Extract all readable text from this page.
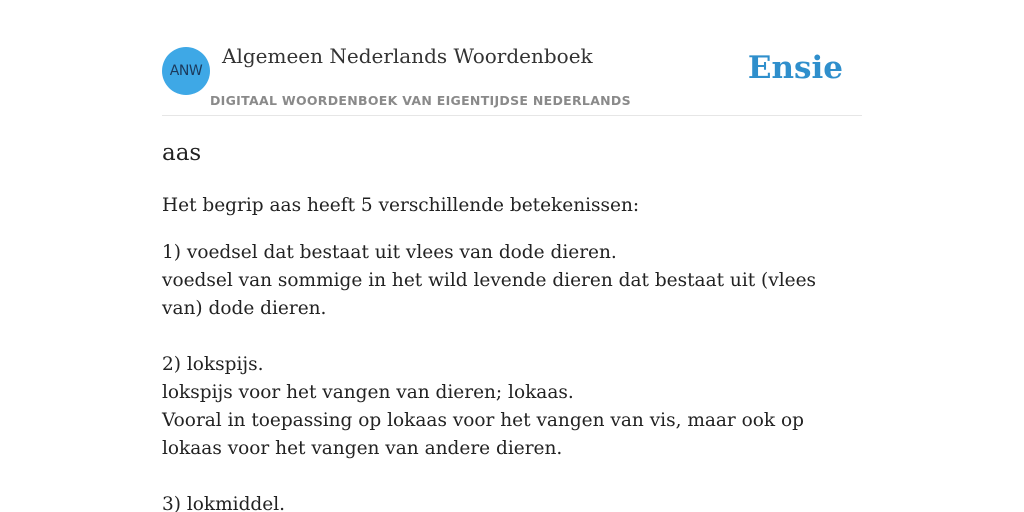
ANW
Algemeen Nederlands Woordenboek
DIGITAAL WOORDENBOEK VAN EIGENTIJDSE NEDERLANDS
Ensie
aas
Het begrip aas heeft 5 verschillende betekenissen:
1) voedsel dat bestaat uit vlees van dode dieren.
voedsel van sommige in het wild levende dieren dat bestaat uit (vlees van) dode dieren.
2) lokspijs.
lokspijs voor het vangen van dieren; lokaas.
Vooral in toepassing op lokaas voor het vangen van vis, maar ook op lokaas voor het vangen van andere dieren.
3) lokmiddel.
